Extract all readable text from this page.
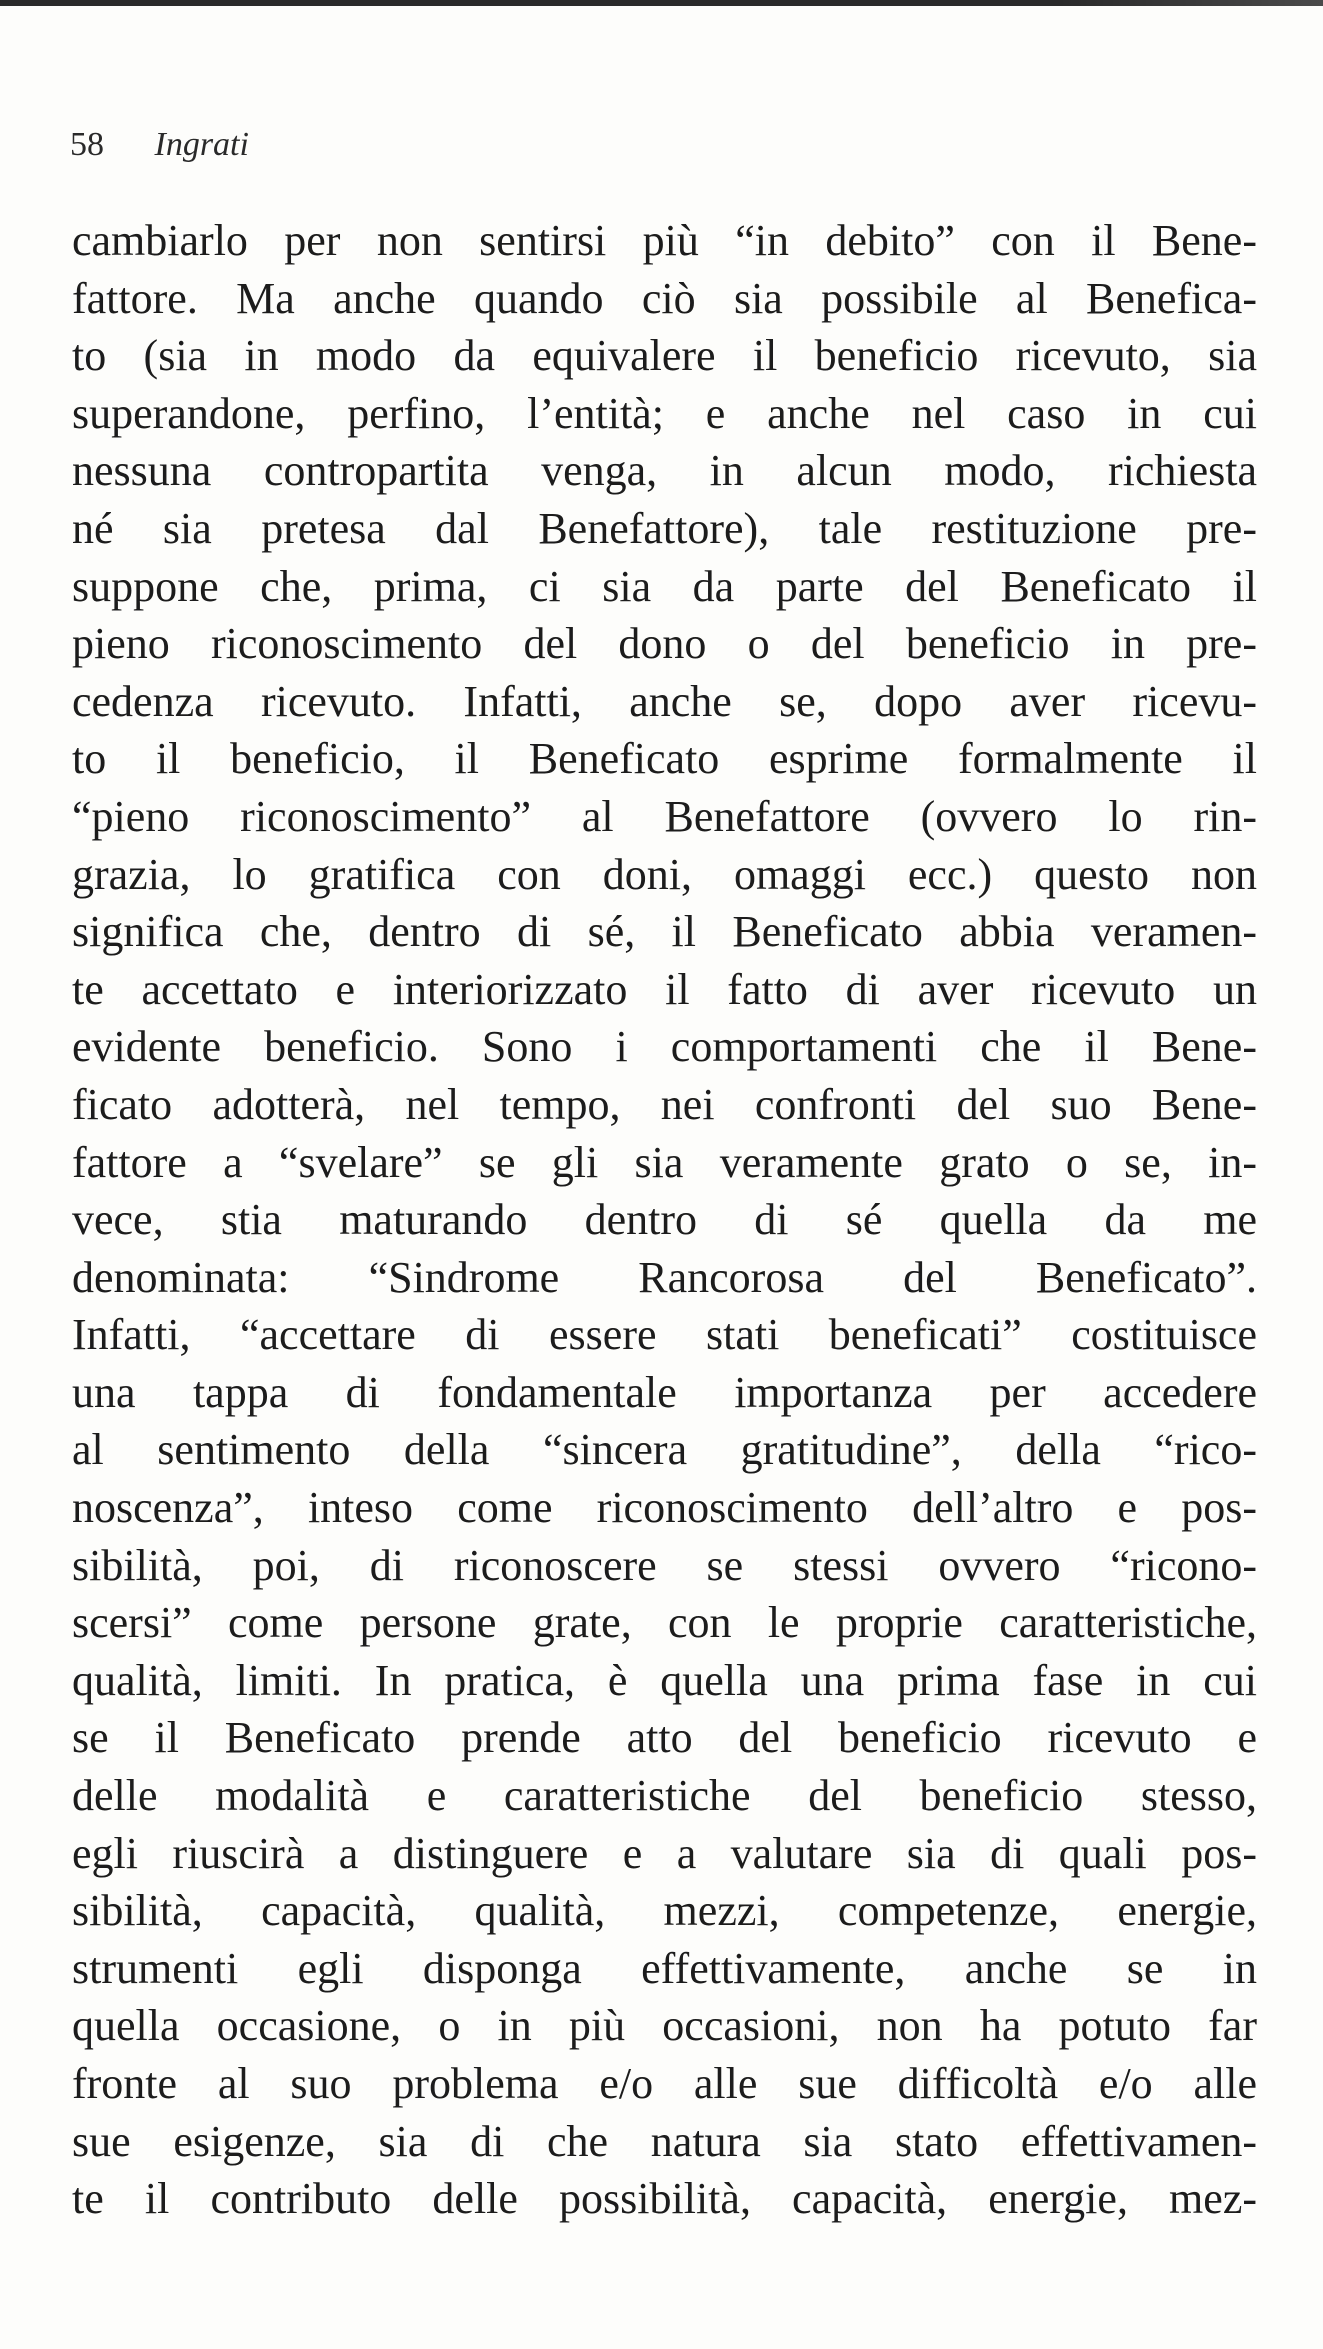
58 Ingrati
cambiarlo per non sentirsi più “in debito” con il Bene-
fattore. Ma anche quando ciò sia possibile al Benefica-
to (sia in modo da equivalere il beneficio ricevuto, sia
superandone, perfino, l’entità; e anche nel caso in cui
nessuna contropartita venga, in alcun modo, richiesta
né sia pretesa dal Benefattore), tale restituzione pre-
suppone che, prima, ci sia da parte del Beneficato il
pieno riconoscimento del dono o del beneficio in pre-
cedenza ricevuto. Infatti, anche se, dopo aver ricevu-
to il beneficio, il Beneficato esprime formalmente il
“pieno riconoscimento” al Benefattore (ovvero lo rin-
grazia, lo gratifica con doni, omaggi ecc.) questo non
significa che, dentro di sé, il Beneficato abbia veramen-
te accettato e interiorizzato il fatto di aver ricevuto un
evidente beneficio. Sono i comportamenti che il Bene-
ficato adotterà, nel tempo, nei confronti del suo Bene-
fattore a “svelare” se gli sia veramente grato o se, in-
vece, stia maturando dentro di sé quella da me
denominata: “Sindrome Rancorosa del Beneficato”.
Infatti, “accettare di essere stati beneficati” costituisce
una tappa di fondamentale importanza per accedere
al sentimento della “sincera gratitudine”, della “rico-
noscenza”, inteso come riconoscimento dell’altro e pos-
sibilità, poi, di riconoscere se stessi ovvero “ricono-
scersi” come persone grate, con le proprie caratteristiche,
qualità, limiti. In pratica, è quella una prima fase in cui
se il Beneficato prende atto del beneficio ricevuto e
delle modalità e caratteristiche del beneficio stesso,
egli riuscirà a distinguere e a valutare sia di quali pos-
sibilità, capacità, qualità, mezzi, competenze, energie,
strumenti egli disponga effettivamente, anche se in
quella occasione, o in più occasioni, non ha potuto far
fronte al suo problema e/o alle sue difficoltà e/o alle
sue esigenze, sia di che natura sia stato effettivamen-
te il contributo delle possibilità, capacità, energie, mez-
